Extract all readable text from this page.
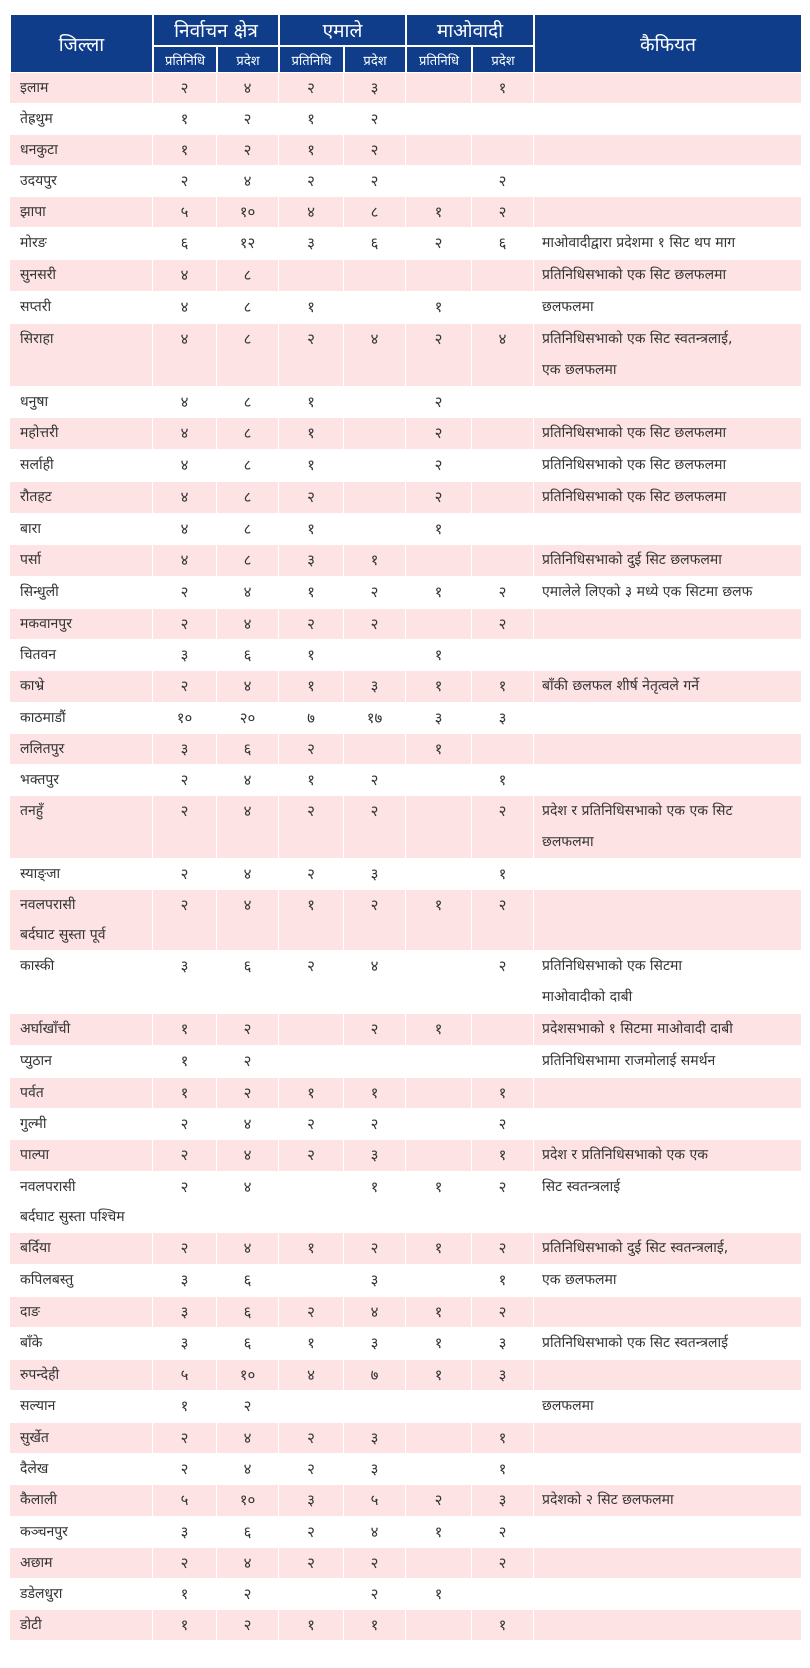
जिल्ला	निर्वाचन क्षेत्र		एमाले		माओवादी		कैफियत
	प्रतिनिधि	प्रदेश	प्रतिनिधि	प्रदेश	प्रतिनिधि	प्रदेश	

इलाम	२	४	२	३		१	

तेह्रथुम	१	२	१	२			

धनकुटा	१	२	१	२			

उदयपुर	२	४	२	२		२	

झापा	५	१०	४	८	१	२	

मोरङ	६	१२	३	६	२	६	माओवादीद्वारा प्रदेशमा १ सिट थप माग

सुनसरी	४	८					प्रतिनिधिसभाको एक सिट छलफलमा

सप्तरी	४	८	१		१		छलफलमा

सिराहा	४	८	२	४	२	४	प्रतिनिधिसभाको एक सिट स्वतन्त्रलाई,
एक छलफलमा

धनुषा	४	८	१		२		

महोत्तरी	४	८	१		२		प्रतिनिधिसभाको एक सिट छलफलमा

सर्लाही	४	८	१		२		प्रतिनिधिसभाको एक सिट छलफलमा

रौतहट	४	८	२		२		प्रतिनिधिसभाको एक सिट छलफलमा

बारा	४	८	१		१		

पर्सा	४	८	३	१			प्रतिनिधिसभाको दुई सिट छलफलमा

सिन्धुली	२	४	१	२	१	२	एमालेले लिएको ३ मध्ये एक सिटमा छलफ

मकवानपुर	२	४	२	२		२	

चितवन	३	६	१		१		

काभ्रे	२	४	१	३	१	१	बाँकी छलफल शीर्ष नेतृत्वले गर्ने

काठमाडौं	१०	२०	७	१७	३	३	

ललितपुर	३	६	२		१		

भक्तपुर	२	४	१	२		१	

तनहुँ	२	४	२	२		२	प्रदेश र प्रतिनिधिसभाको एक एक सिट
छलफलमा

स्याङ्जा	२	४	२	३		१	

नवलपरासी
बर्दघाट सुस्ता पूर्व	२	४	१	२	१	२	

कास्की	३	६	२	४		२	प्रतिनिधिसभाको एक सिटमा
माओवादीको दाबी

अर्घाखाँची	१	२		२	१		प्रदेशसभाको १ सिटमा माओवादी दाबी

प्युठान	१	२					प्रतिनिधिसभामा राजमोलाई समर्थन

पर्वत	१	२	१	१		१	

गुल्मी	२	४	२	२		२	

पाल्पा	२	४	२	३		१	प्रदेश र प्रतिनिधिसभाको एक एक

नवलपरासी
बर्दघाट सुस्ता पश्चिम	२	४		१	१	२	सिट स्वतन्त्रलाई

बर्दिया	२	४	१	२	१	२	प्रतिनिधिसभाको दुई सिट स्वतन्त्रलाई,

कपिलबस्तु	३	६		३		१	एक छलफलमा

दाङ	३	६	२	४	१	२	

बाँके	३	६	१	३	१	३	प्रतिनिधिसभाको एक सिट स्वतन्त्रलाई

रुपन्देही	५	१०	४	७	१	३	

सल्यान	१	२					छलफलमा

सुर्खेत	२	४	२	३		१	

दैलेख	२	४	२	३		१	

कैलाली	५	१०	३	५	२	३	प्रदेशको २ सिट छलफलमा

कञ्चनपुर	३	६	२	४	१	२	

अछाम	२	४	२	२		२	

डडेलधुरा	१	२		२	१		

डोटी	१	२	१	१		१	
